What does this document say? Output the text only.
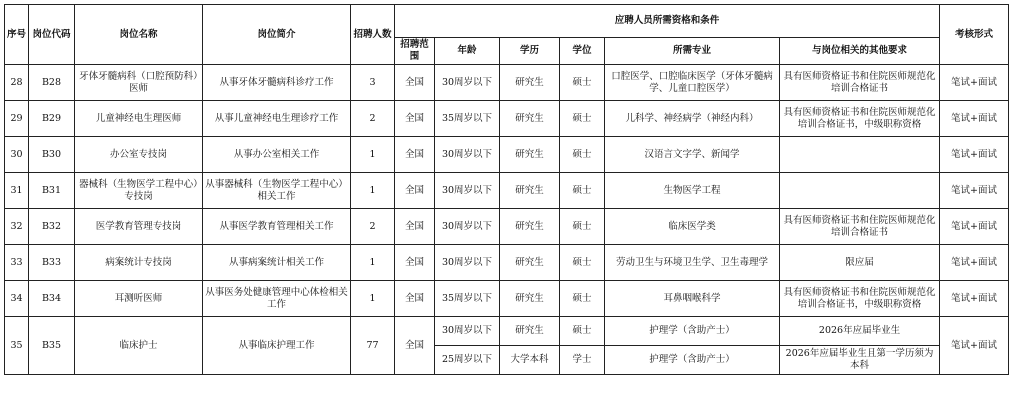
序号	岗位代码	岗位名称	岗位简介	招聘人数	应聘人员所需资格和条件						考核形式
					招聘范围	年龄	学历	学位	所需专业	与岗位相关的其他要求	
28	B28	牙体牙髓病科（口腔预防科）医师	从事牙体牙髓病科诊疗工作	3	全国	30周岁以下	研究生	硕士	口腔医学、口腔临床医学（牙体牙髓病学、儿童口腔医学）	具有医师资格证书和住院医师规范化培训合格证书	笔试+面试
29	B29	儿童神经电生理医师	从事儿童神经电生理诊疗工作	2	全国	35周岁以下	研究生	硕士	儿科学、神经病学（神经内科）	具有医师资格证书和住院医师规范化培训合格证书，中级职称资格	笔试+面试
30	B30	办公室专技岗	从事办公室相关工作	1	全国	30周岁以下	研究生	硕士	汉语言文字学、新闻学		笔试+面试
31	B31	器械科（生物医学工程中心）专技岗	从事器械科（生物医学工程中心）相关工作	1	全国	30周岁以下	研究生	硕士	生物医学工程		笔试+面试
32	B32	医学教育管理专技岗	从事医学教育管理相关工作	2	全国	30周岁以下	研究生	硕士	临床医学类	具有医师资格证书和住院医师规范化培训合格证书	笔试+面试
33	B33	病案统计专技岗	从事病案统计相关工作	1	全国	30周岁以下	研究生	硕士	劳动卫生与环境卫生学、卫生毒理学	限应届	笔试+面试
34	B34	耳测听医师	从事医务处健康管理中心体检相关工作	1	全国	35周岁以下	研究生	硕士	耳鼻咽喉科学	具有医师资格证书和住院医师规范化培训合格证书，中级职称资格	笔试+面试
35	B35	临床护士	从事临床护理工作	77	全国	30周岁以下	研究生	硕士	护理学（含助产士）	2026年应届毕业生	笔试+面试
						25周岁以下	大学本科	学士	护理学（含助产士）	2026年应届毕业生且第一学历须为本科	
